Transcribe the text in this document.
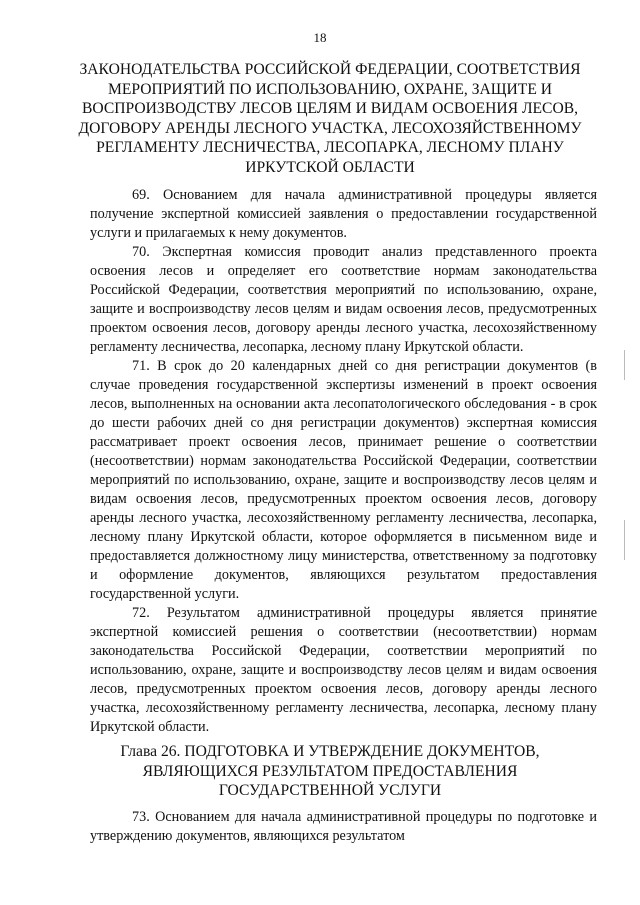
18
ЗАКОНОДАТЕЛЬСТВА РОССИЙСКОЙ ФЕДЕРАЦИИ, СООТВЕТСТВИЯ МЕРОПРИЯТИЙ ПО ИСПОЛЬЗОВАНИЮ, ОХРАНЕ, ЗАЩИТЕ И ВОСПРОИЗВОДСТВУ ЛЕСОВ ЦЕЛЯМ И ВИДАМ ОСВОЕНИЯ ЛЕСОВ, ДОГОВОРУ АРЕНДЫ ЛЕСНОГО УЧАСТКА, ЛЕСОХОЗЯЙСТВЕННОМУ РЕГЛАМЕНТУ ЛЕСНИЧЕСТВА, ЛЕСОПАРКА, ЛЕСНОМУ ПЛАНУ ИРКУТСКОЙ ОБЛАСТИ

69. Основанием для начала административной процедуры является получение экспертной комиссией заявления о предоставлении государственной услуги и прилагаемых к нему документов.

70. Экспертная комиссия проводит анализ представленного проекта освоения лесов и определяет его соответствие нормам законодательства Российской Федерации, соответствия мероприятий по использованию, охране, защите и воспроизводству лесов целям и видам освоения лесов, предусмотренных проектом освоения лесов, договору аренды лесного участка, лесохозяйственному регламенту лесничества, лесопарка, лесному плану Иркутской области.

71. В срок до 20 календарных дней со дня регистрации документов (в случае проведения государственной экспертизы изменений в проект освоения лесов, выполненных на основании акта лесопатологического обследования - в срок до шести рабочих дней со дня регистрации документов) экспертная комиссия рассматривает проект освоения лесов, принимает решение о соответствии (несоответствии) нормам законодательства Российской Федерации, соответствии мероприятий по использованию, охране, защите и воспроизводству лесов целям и видам освоения лесов, предусмотренных проектом освоения лесов, договору аренды лесного участка, лесохозяйственному регламенту лесничества, лесопарка, лесному плану Иркутской области, которое оформляется в письменном виде и предоставляется должностному лицу министерства, ответственному за подготовку и оформление документов, являющихся результатом предоставления государственной услуги.

72. Результатом административной процедуры является принятие экспертной комиссией решения о соответствии (несоответствии) нормам законодательства Российской Федерации, соответствии мероприятий по использованию, охране, защите и воспроизводству лесов целям и видам освоения лесов, предусмотренных проектом освоения лесов, договору аренды лесного участка, лесохозяйственному регламенту лесничества, лесопарка, лесному плану Иркутской области.

Глава 26. ПОДГОТОВКА И УТВЕРЖДЕНИЕ ДОКУМЕНТОВ, ЯВЛЯЮЩИХСЯ РЕЗУЛЬТАТОМ ПРЕДОСТАВЛЕНИЯ ГОСУДАРСТВЕННОЙ УСЛУГИ

73. Основанием для начала административной процедуры по подготовке и утверждению документов, являющихся результатом
